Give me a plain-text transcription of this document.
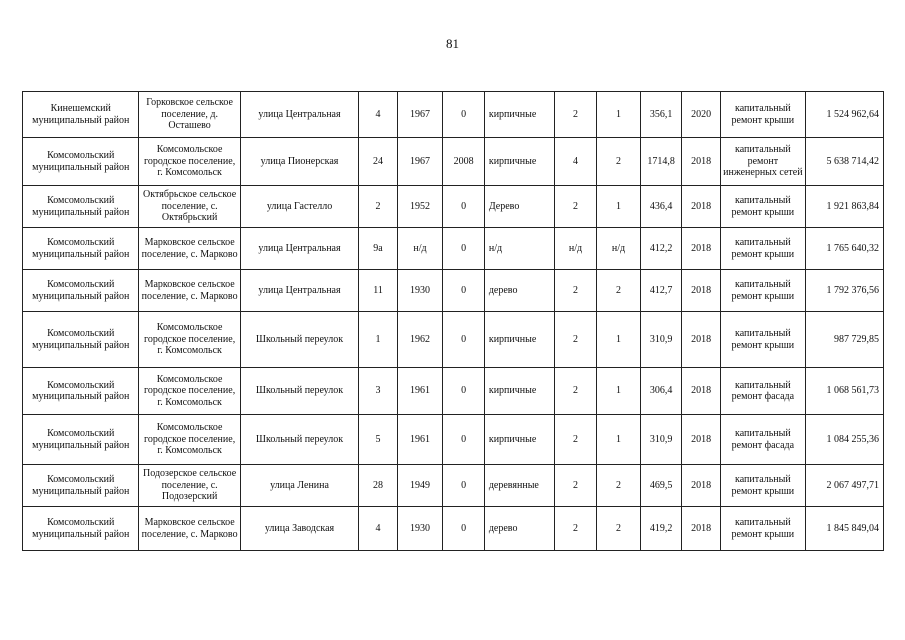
81
Кинешемский муниципальный район	Горковское сельское поселение, д. Осташево	улица Центральная	4	1967	0	кирпичные	2	1	356,1	2020	капитальный ремонт крыши	1 524 962,64
Комсомольский муниципальный район	Комсомольское городское поселение, г. Комсомольск	улица Пионерская	24	1967	2008	кирпичные	4	2	1714,8	2018	капитальный ремонт инженерных сетей	5 638 714,42
Комсомольский муниципальный район	Октябрьское сельское поселение, с. Октябрьский	улица Гастелло	2	1952	0	Дерево	2	1	436,4	2018	капитальный ремонт крыши	1 921 863,84
Комсомольский муниципальный район	Марковское сельское поселение, с. Марково	улица Центральная	9а	н/д	0	н/д	н/д	н/д	412,2	2018	капитальный ремонт крыши	1 765 640,32
Комсомольский муниципальный район	Марковское сельское поселение, с. Марково	улица Центральная	11	1930	0	дерево	2	2	412,7	2018	капитальный ремонт крыши	1 792 376,56
Комсомольский муниципальный район	Комсомольское городское поселение, г. Комсомольск	Школьный переулок	1	1962	0	кирпичные	2	1	310,9	2018	капитальный ремонт крыши	987 729,85
Комсомольский муниципальный район	Комсомольское городское поселение, г. Комсомольск	Школьный переулок	3	1961	0	кирпичные	2	1	306,4	2018	капитальный ремонт фасада	1 068 561,73
Комсомольский муниципальный район	Комсомольское городское поселение, г. Комсомольск	Школьный переулок	5	1961	0	кирпичные	2	1	310,9	2018	капитальный ремонт фасада	1 084 255,36
Комсомольский муниципальный район	Подозерское сельское поселение, с. Подозерский	улица Ленина	28	1949	0	деревянные	2	2	469,5	2018	капитальный ремонт крыши	2 067 497,71
Комсомольский муниципальный район	Марковское сельское поселение, с. Марково	улица Заводская	4	1930	0	дерево	2	2	419,2	2018	капитальный ремонт крыши	1 845 849,04
